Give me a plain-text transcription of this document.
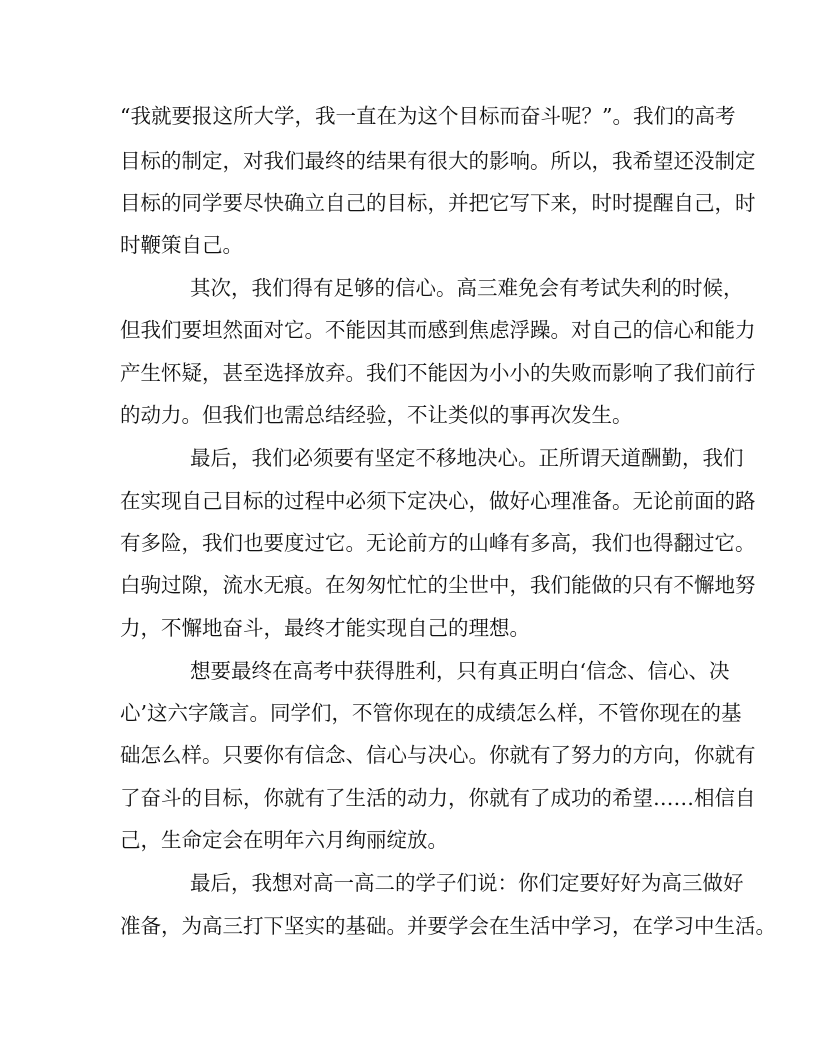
“我就要报这所大学，我一直在为这个目标而奋斗呢？”。我们的高考
目标的制定，对我们最终的结果有很大的影响。所以，我希望还没制定
目标的同学要尽快确立自己的目标，并把它写下来，时时提醒自己，时
时鞭策自己。
其次，我们得有足够的信心。高三难免会有考试失利的时候，
但我们要坦然面对它。不能因其而感到焦虑浮躁。对自己的信心和能力
产生怀疑，甚至选择放弃。我们不能因为小小的失败而影响了我们前行
的动力。但我们也需总结经验，不让类似的事再次发生。
最后，我们必须要有坚定不移地决心。正所谓天道酬勤，我们
在实现自己目标的过程中必须下定决心，做好心理准备。无论前面的路
有多险，我们也要度过它。无论前方的山峰有多高，我们也得翻过它。
白驹过隙，流水无痕。在匆匆忙忙的尘世中，我们能做的只有不懈地努
力，不懈地奋斗，最终才能实现自己的理想。
想要最终在高考中获得胜利，只有真正明白‘信念、信心、决
心’这六字箴言。同学们，不管你现在的成绩怎么样，不管你现在的基
础怎么样。只要你有信念、信心与决心。你就有了努力的方向，你就有
了奋斗的目标，你就有了生活的动力，你就有了成功的希望……相信自
己，生命定会在明年六月绚丽绽放。
最后，我想对高一高二的学子们说：你们定要好好为高三做好
准备，为高三打下坚实的基础。并要学会在生活中学习，在学习中生活。
